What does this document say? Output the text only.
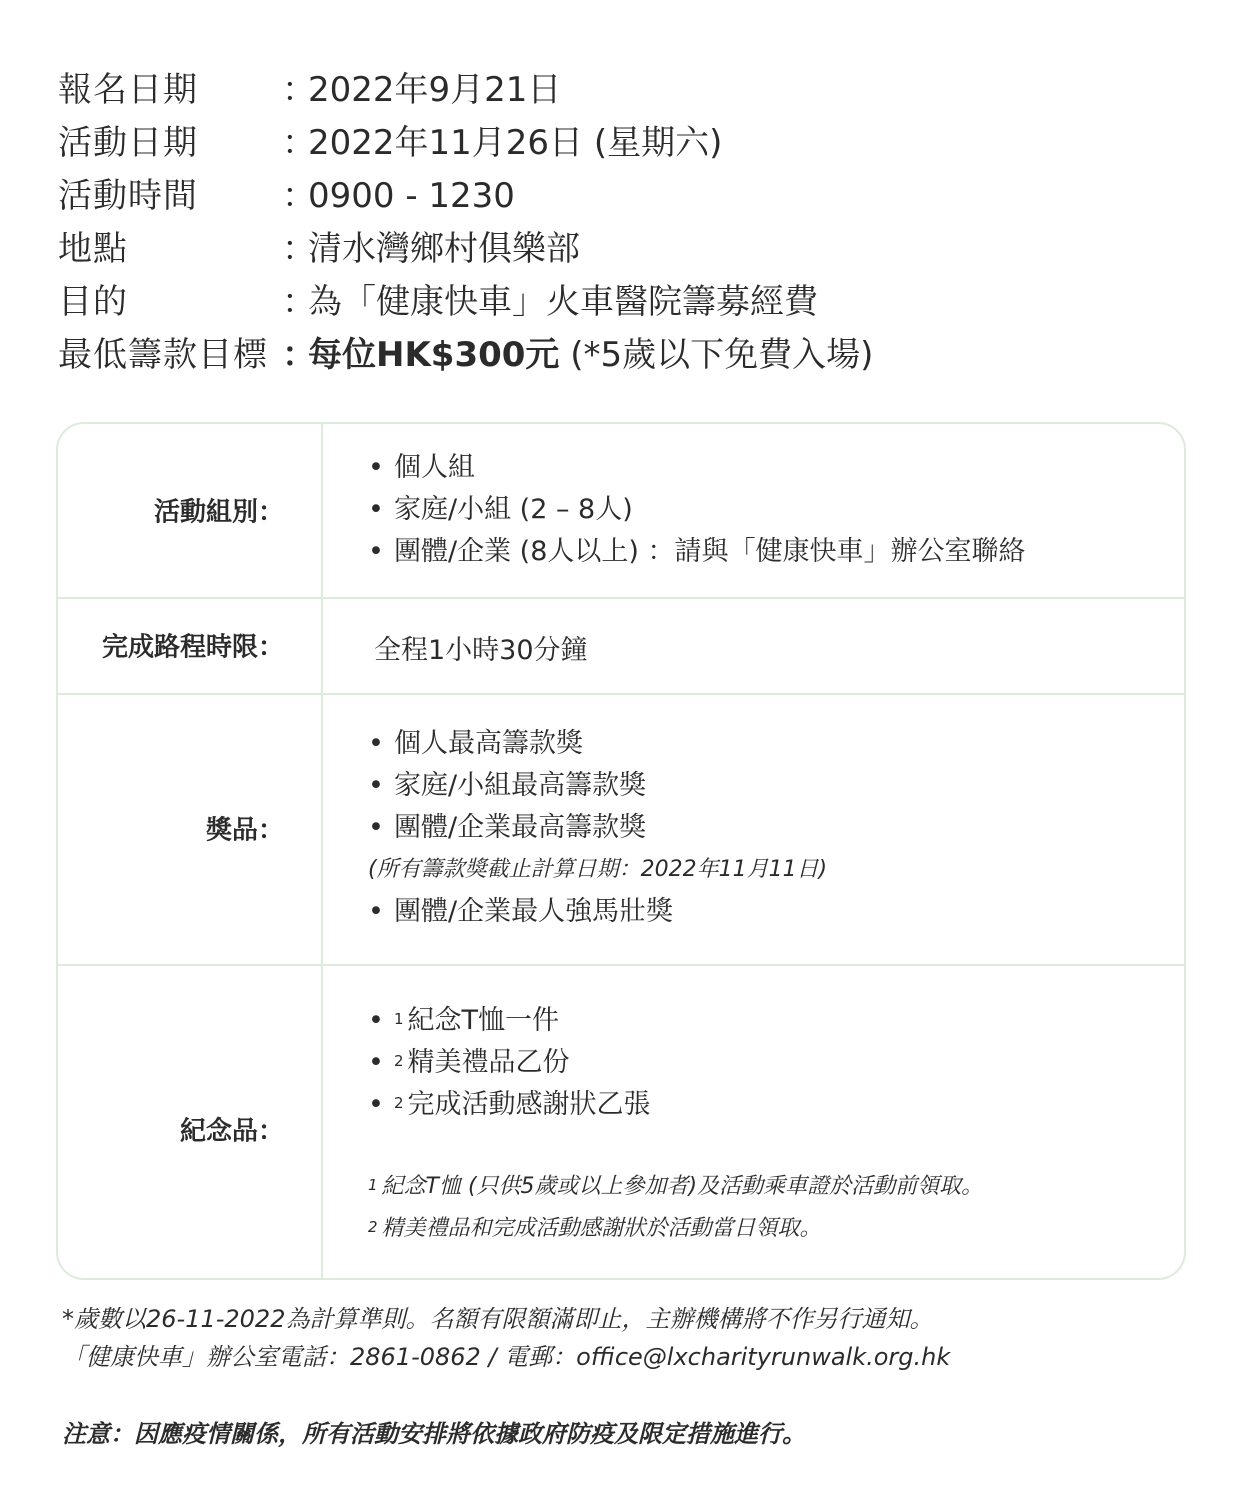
報名日期	：
2022年9月21日
活動日期	：
2022年11月26日 (星期六)
活動時間	：
0900 - 1230
地點	：
清水灣鄉村俱樂部
目的	：
為「健康快車」火車醫院籌募經費
最低籌款目標 ：
每位HK$300元 (*5歲以下免費入場)
活動組別：
• 個人組
• 家庭/小組 (2 – 8人)
• 團體/企業 (8人以上) ：請與「健康快車」辦公室聯絡
完成路程時限：	全程1小時30分鐘
獎品：
• 個人最高籌款獎
• 家庭/小組最高籌款獎
• 團體/企業最高籌款獎
(所有籌款獎截止計算日期：2022年11月11日)
• 團體/企業最人強馬壯獎
紀念品：
• $^1$ 紀念T恤一件
• $^2$ 精美禮品乙份
• $^2$ 完成活動感謝狀乙張
$^1$ 紀念T恤 (只供5歲或以上參加者)及活動乘車證於活動前領取。
$^2$ 精美禮品和完成活動感謝狀於活動當日領取。
*歲數以26-11-2022為計算準則。名額有限額滿即止，主辦機構將不作另行通知。
「健康快車」辦公室電話：2861-0862 / 電郵：office@lxcharityrunwalk.org.hk
注意：因應疫情關係，所有活動安排將依據政府防疫及限定措施進行。
